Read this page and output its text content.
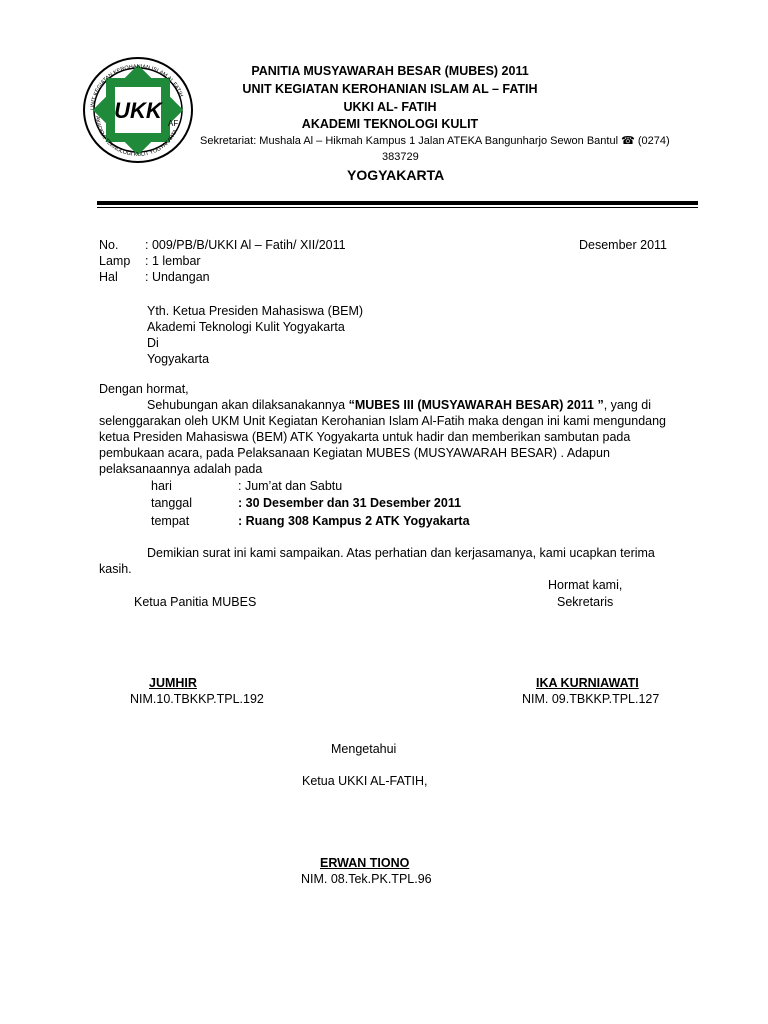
UKK
AF
UNIT KEGIATAN KEROHANIAN ISLAM AL FATIH
AKADEMI TEKNOLOGI KULIT YOGYAKARTA
PANITIA MUSYAWARAH BESAR (MUBES) 2011
UNIT KEGIATAN KEROHANIAN ISLAM AL – FATIH
UKKI AL- FATIH
AKADEMI TEKNOLOGI KULIT
Sekretariat: Mushala Al – Hikmah Kampus 1 Jalan ATEKA Bangunharjo Sewon Bantul ☎ (0274)
383729
YOGYAKARTA
No. : 009/PB/B/UKKI Al – Fatih/ XII/2011	Desember 2011
Lamp : 1 lembar
Hal : Undangan
Yth. Ketua Presiden Mahasiswa (BEM)
Akademi Teknologi Kulit Yogyakarta
Di
Yogyakarta
Dengan hormat,
Sehubungan akan dilaksanakannya “MUBES III (MUSYAWARAH BESAR) 2011 ”, yang di
selenggarakan oleh UKM Unit Kegiatan Kerohanian Islam Al-Fatih maka dengan ini kami mengundang
ketua Presiden Mahasiswa (BEM) ATK Yogyakarta untuk hadir dan memberikan sambutan pada
pembukaan acara, pada Pelaksanaan Kegiatan MUBES (MUSYAWARAH BESAR) . Adapun
pelaksanaannya adalah pada
hari	: Jum’at dan Sabtu
tanggal	: 30 Desember dan 31 Desember 2011
tempat	: Ruang 308 Kampus 2 ATK Yogyakarta
Demikian surat ini kami sampaikan. Atas perhatian dan kerjasamanya, kami ucapkan terima
kasih.
Hormat kami,
Ketua Panitia MUBES	Sekretaris
JUMHIR
NIM.10.TBKKP.TPL.192
IKA KURNIAWATI
NIM. 09.TBKKP.TPL.127
Mengetahui
Ketua UKKI AL-FATIH,
ERWAN TIONO
NIM. 08.Tek.PK.TPL.96
